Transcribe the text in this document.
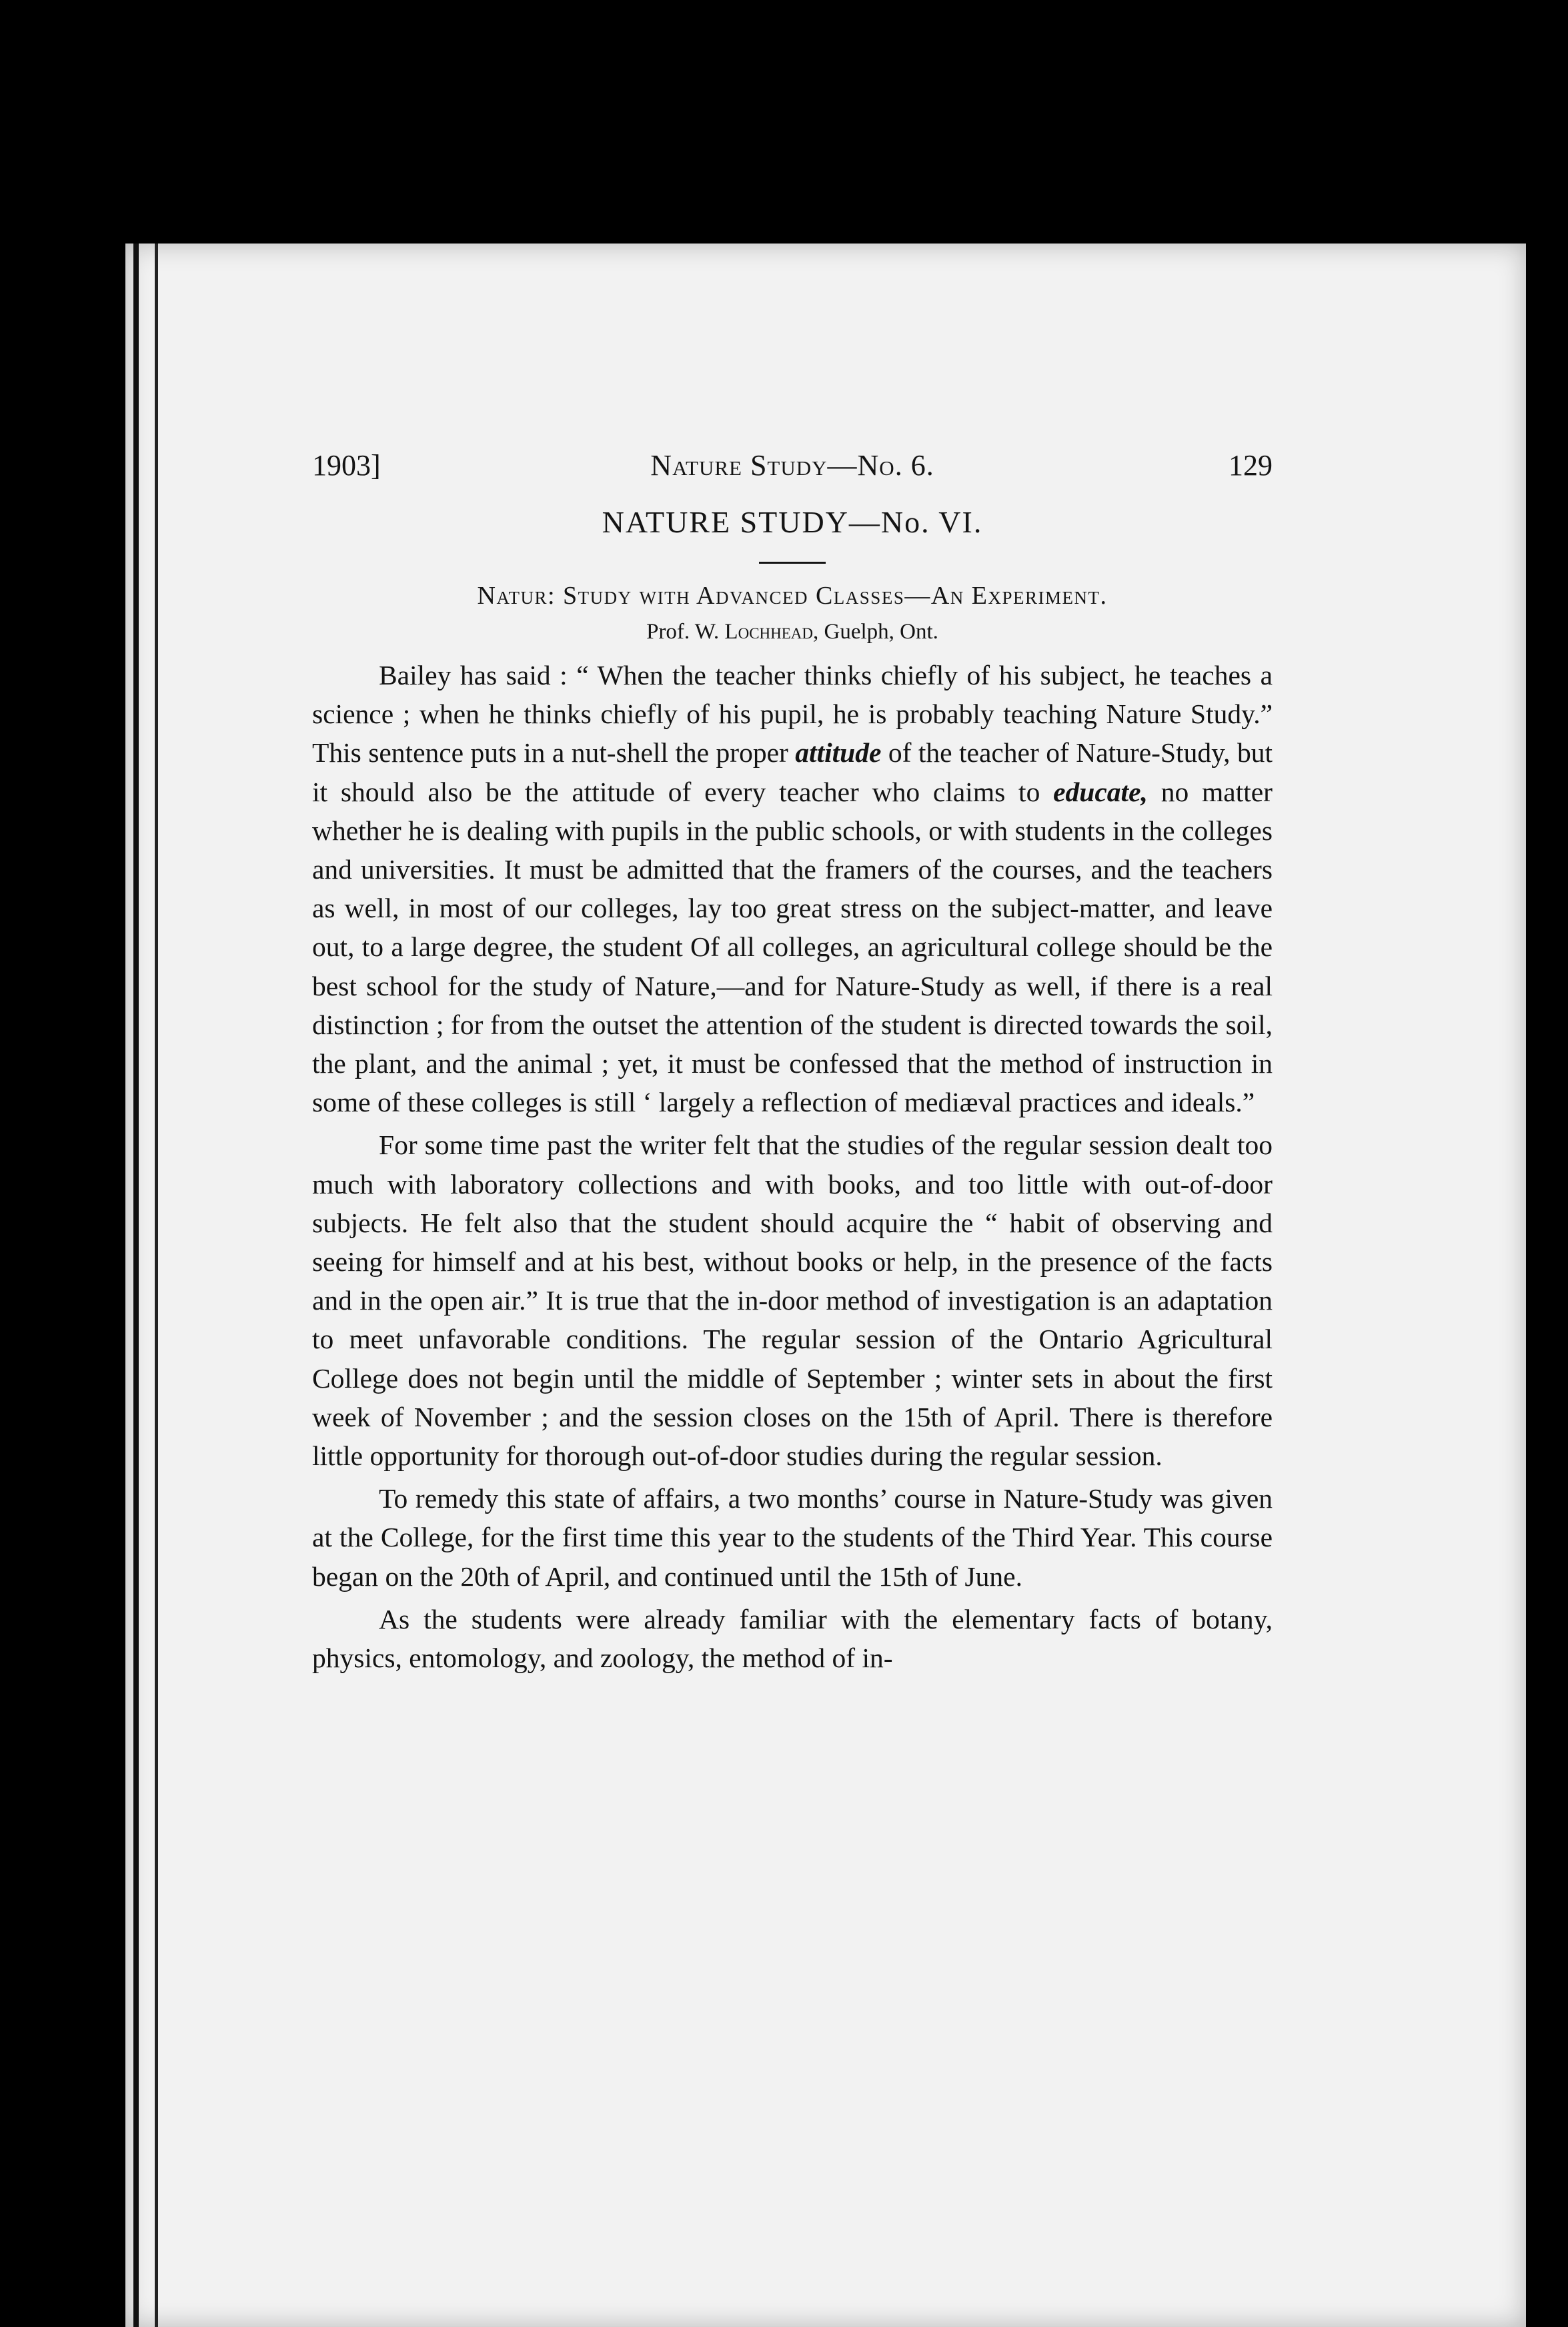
1903]	Nature Study—No. 6.	129
NATURE STUDY—No. VI.
Natur: Study with Advanced Classes—An Experiment.
Prof. W. Lochhead, Guelph, Ont.

Bailey has said : “ When the teacher thinks chiefly of his subject, he teaches a science ; when he thinks chiefly of his pupil, he is probably teaching Nature Study.” This sentence puts in a nut-shell the proper attitude of the teacher of Nature-Study, but it should also be the attitude of every teacher who claims to educate, no matter whether he is dealing with pupils in the public schools, or with students in the colleges and universities. It must be admitted that the framers of the courses, and the teachers as well, in most of our colleges, lay too great stress on the subject-matter, and leave out, to a large degree, the student Of all colleges, an agricultural college should be the best school for the study of Nature,—and for Nature-Study as well, if there is a real distinction ; for from the outset the attention of the student is directed towards the soil, the plant, and the animal ; yet, it must be confessed that the method of instruction in some of these colleges is still ‘ largely a reflection of mediæval practices and ideals.”

For some time past the writer felt that the studies of the regular session dealt too much with laboratory collections and with books, and too little with out-of-door subjects. He felt also that the student should acquire the “ habit of observing and seeing for himself and at his best, without books or help, in the presence of the facts and in the open air.” It is true that the in-door method of investigation is an adaptation to meet unfavorable conditions. The regular session of the Ontario Agricultural College does not begin until the middle of September ; winter sets in about the first week of November ; and the session closes on the 15th of April. There is therefore little opportunity for thorough out-of-door studies during the regular session.

To remedy this state of affairs, a two months’ course in Nature-Study was given at the College, for the first time this year to the students of the Third Year. This course began on the 20th of April, and continued until the 15th of June.

As the students were already familiar with the elementary facts of botany, physics, entomology, and zoology, the method of in-
